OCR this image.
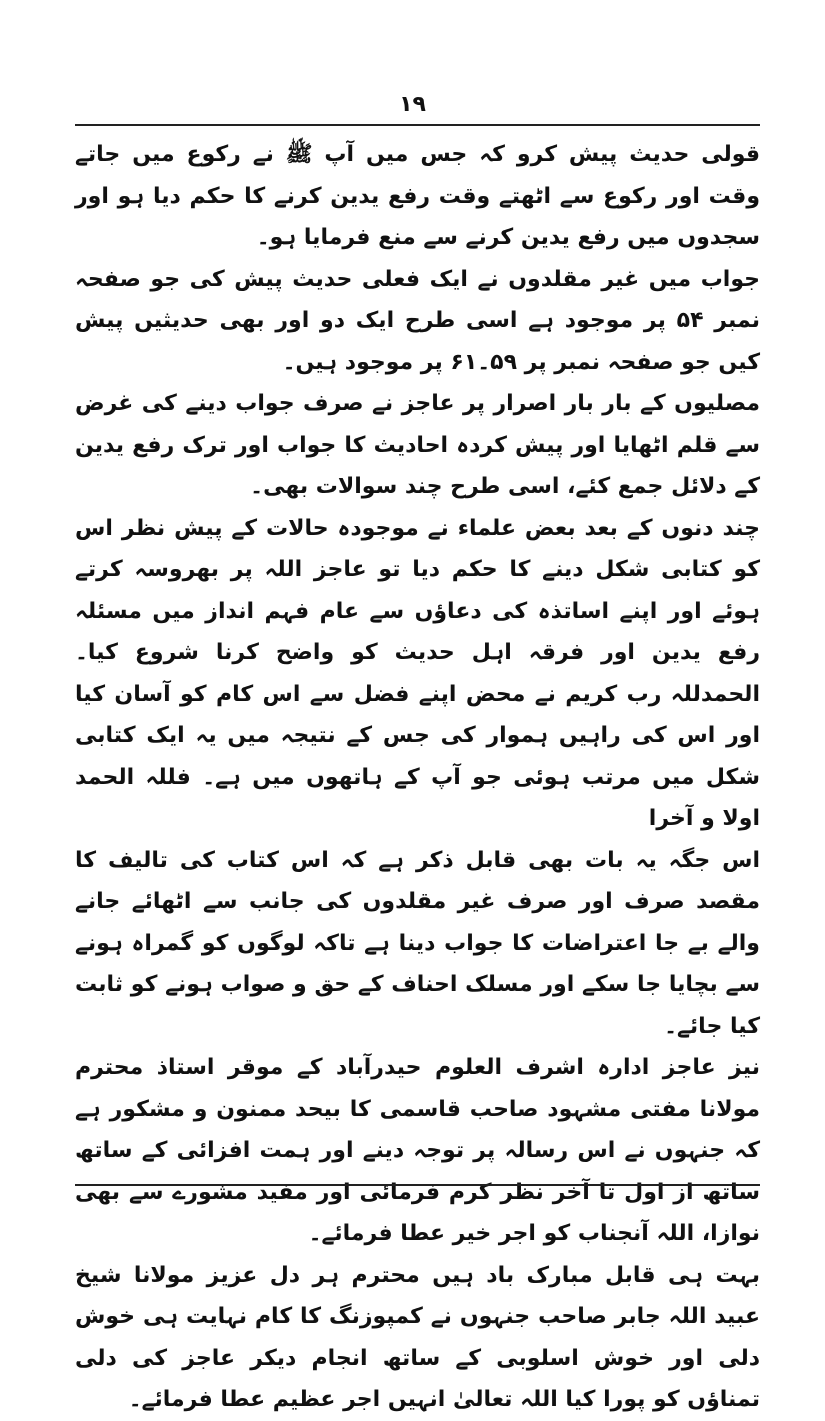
۱۹

قولی حدیث پیش کرو کہ جس میں آپ ﷺ نے رکوع میں جاتے وقت اور رکوع سے اٹھتے وقت رفع یدین کرنے کا حکم دیا ہو اور سجدوں میں رفع یدین کرنے سے منع فرمایا ہو۔

جواب میں غیر مقلدوں نے ایک فعلی حدیث پیش کی جو صفحہ نمبر ۵۴ پر موجود ہے اسی طرح ایک دو اور بھی حدیثیں پیش کیں جو صفحہ نمبر پر ۵۹۔۶۱ پر موجود ہیں۔

مصلیوں کے بار بار اصرار پر عاجز نے صرف جواب دینے کی غرض سے قلم اٹھایا اور پیش کردہ احادیث کا جواب اور ترک رفع یدین کے دلائل جمع کئے، اسی طرح چند سوالات بھی۔

چند دنوں کے بعد بعض علماء نے موجودہ حالات کے پیش نظر اس کو کتابی شکل دینے کا حکم دیا تو عاجز اللہ پر بھروسہ کرتے ہوئے اور اپنے اساتذہ کی دعاؤں سے عام فہم انداز میں مسئلہ رفع یدین اور فرقہ اہل حدیث کو واضح کرنا شروع کیا۔ الحمدللہ رب کریم نے محض اپنے فضل سے اس کام کو آسان کیا اور اس کی راہیں ہموار کی جس کے نتیجہ میں یہ ایک کتابی شکل میں مرتب ہوئی جو آپ کے ہاتھوں میں ہے۔ فللہ الحمد اولا و آخرا

اس جگہ یہ بات بھی قابل ذکر ہے کہ اس کتاب کی تالیف کا مقصد صرف اور صرف غیر مقلدوں کی جانب سے اٹھائے جانے والے بے جا اعتراضات کا جواب دینا ہے تاکہ لوگوں کو گمراہ ہونے سے بچایا جا سکے اور مسلک احناف کے حق و صواب ہونے کو ثابت کیا جائے۔

نیز عاجز ادارہ اشرف العلوم حیدرآباد کے موقر استاذ محترم مولانا مفتی مشہود صاحب قاسمی کا بیحد ممنون و مشکور ہے کہ جنہوں نے اس رسالہ پر توجہ دینے اور ہمت افزائی کے ساتھ ساتھ از اول تا آخر نظر کرم فرمائی اور مفید مشورے سے بھی نوازا، اللہ آنجناب کو اجر خیر عطا فرمائے۔

بہت ہی قابل مبارک باد ہیں محترم ہر دل عزیز مولانا شیخ عبید اللہ جابر صاحب جنہوں نے کمپوزنگ کا کام نہایت ہی خوش دلی اور خوش اسلوبی کے ساتھ انجام دیکر عاجز کی دلی تمناؤں کو پورا کیا اللہ تعالیٰ انہیں اجر عظیم عطا فرمائے۔
